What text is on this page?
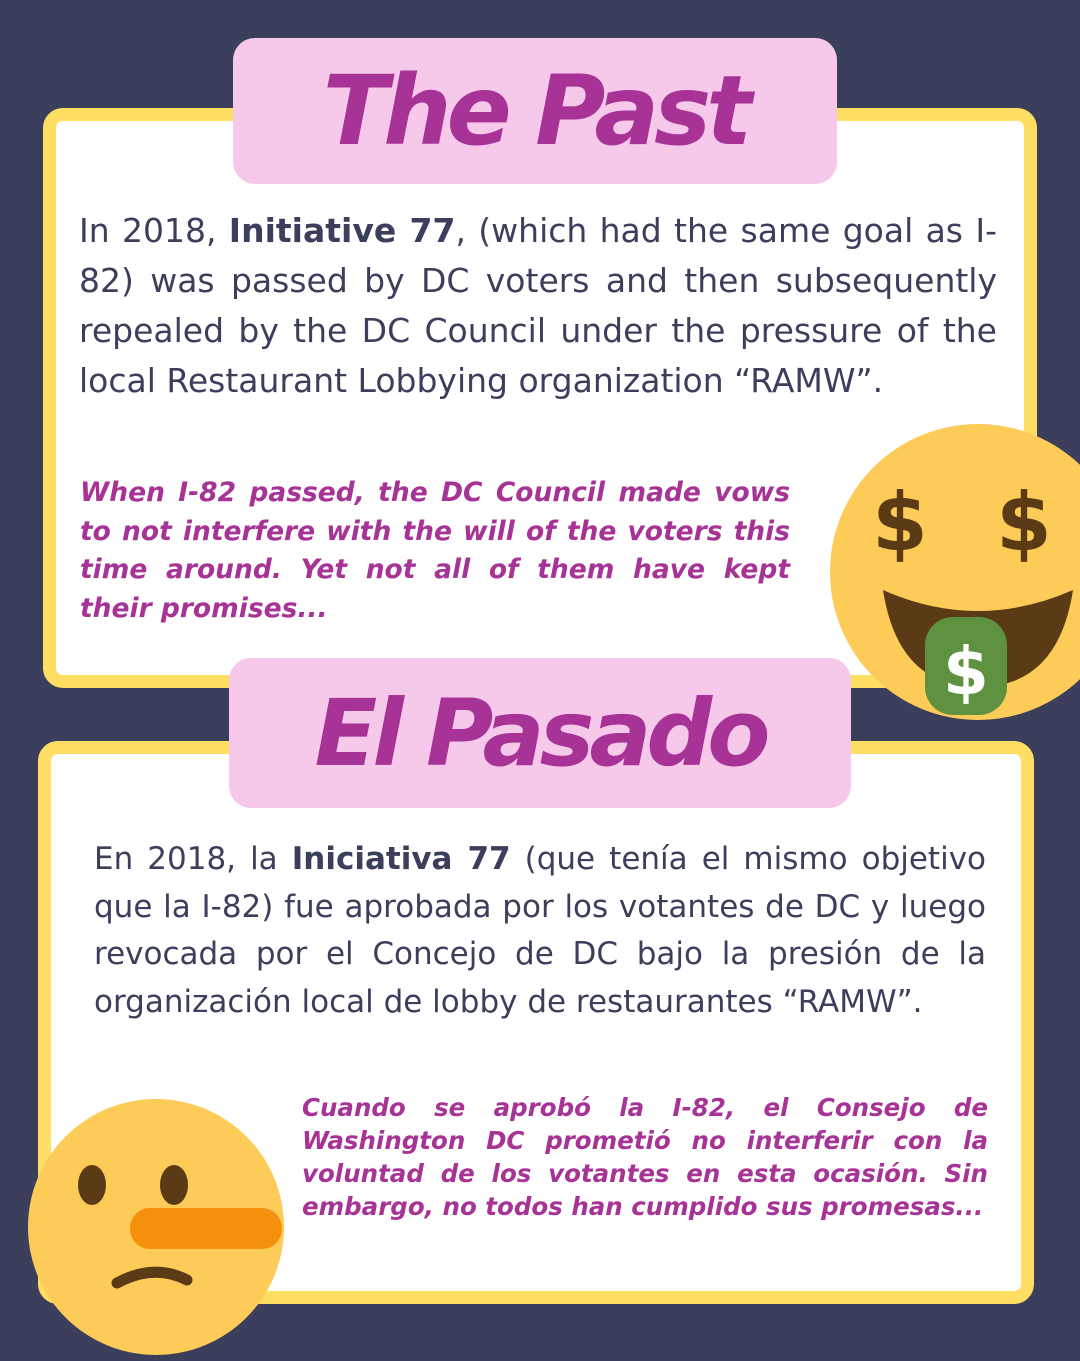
The Past

In 2018, Initiative 77, (which had the same goal as I-82) was passed by DC voters and then subsequently repealed by the DC Council under the pressure of the local Restaurant Lobbying organization “RAMW”.

When I-82 passed, the DC Council made vows to not interfere with the will of the voters this time around. Yet not all of them have kept their promises...

El Pasado

En 2018, la Iniciativa 77 (que tenía el mismo objetivo que la I-82) fue aprobada por los votantes de DC y luego revocada por el Concejo de DC bajo la presión de la organización local de lobby de restaurantes “RAMW”.

Cuando se aprobó la I-82, el Consejo de Washington DC prometió no interferir con la voluntad de los votantes en esta ocasión. Sin embargo, no todos han cumplido sus promesas...

$ $
$
